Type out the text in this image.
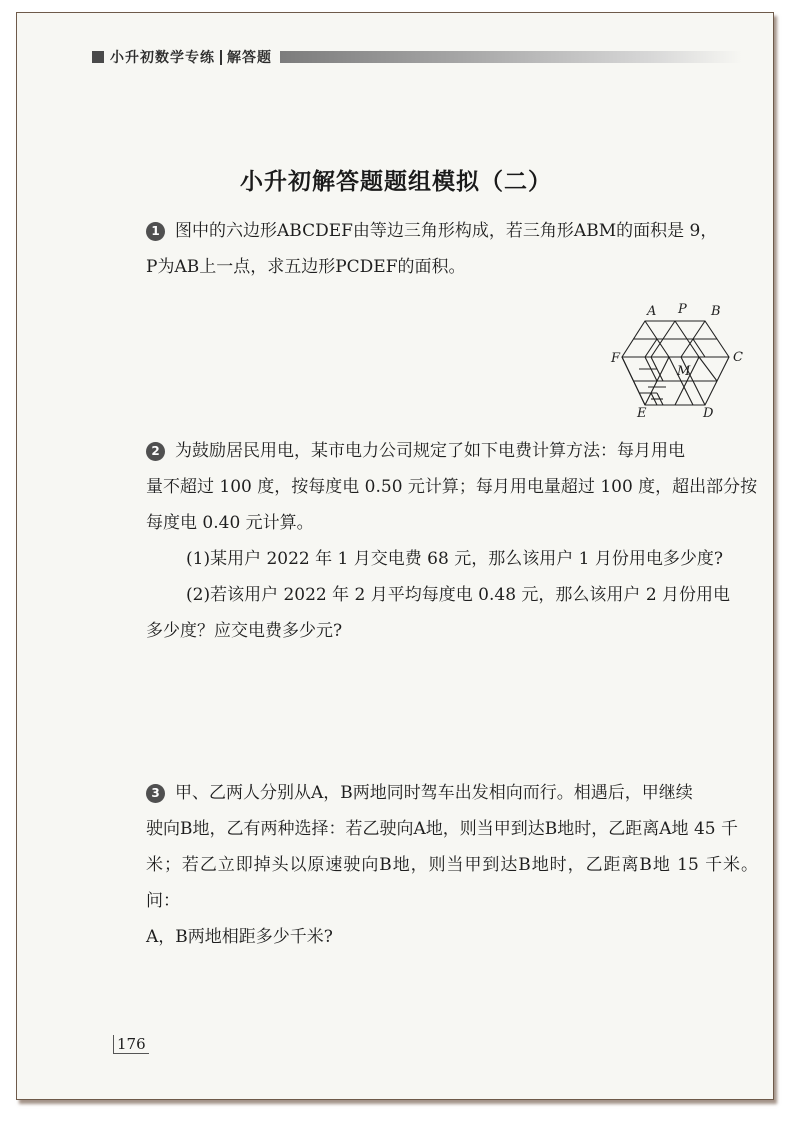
小升初数学专练 解答题
小升初解答题题组模拟（二）
1 图中的六边形ABCDEF由等边三角形构成，若三角形ABM的面积是 9，
P为AB上一点，求五边形PCDEF的面积。
A P B
F
M
C
E	D
2 为鼓励居民用电，某市电力公司规定了如下电费计算方法：每月用电
量不超过 100 度，按每度电 0.50 元计算；每月用电量超过 100 度，超出部分按
每度电 0.40 元计算。
(1)某用户 2022 年 1 月交电费 68 元，那么该用户 1 月份用电多少度?
(2)若该用户 2022 年 2 月平均每度电 0.48 元，那么该用户 2 月份用电
多少度？应交电费多少元?
3 甲、乙两人分别从A，B两地同时驾车出发相向而行。相遇后，甲继续
驶向B地，乙有两种选择：若乙驶向A地，则当甲到达B地时，乙距离A地 45 千
米；若乙立即掉头以原速驶向B地，则当甲到达B地时，乙距离B地 15 千米。问：
A，B两地相距多少千米?
176
